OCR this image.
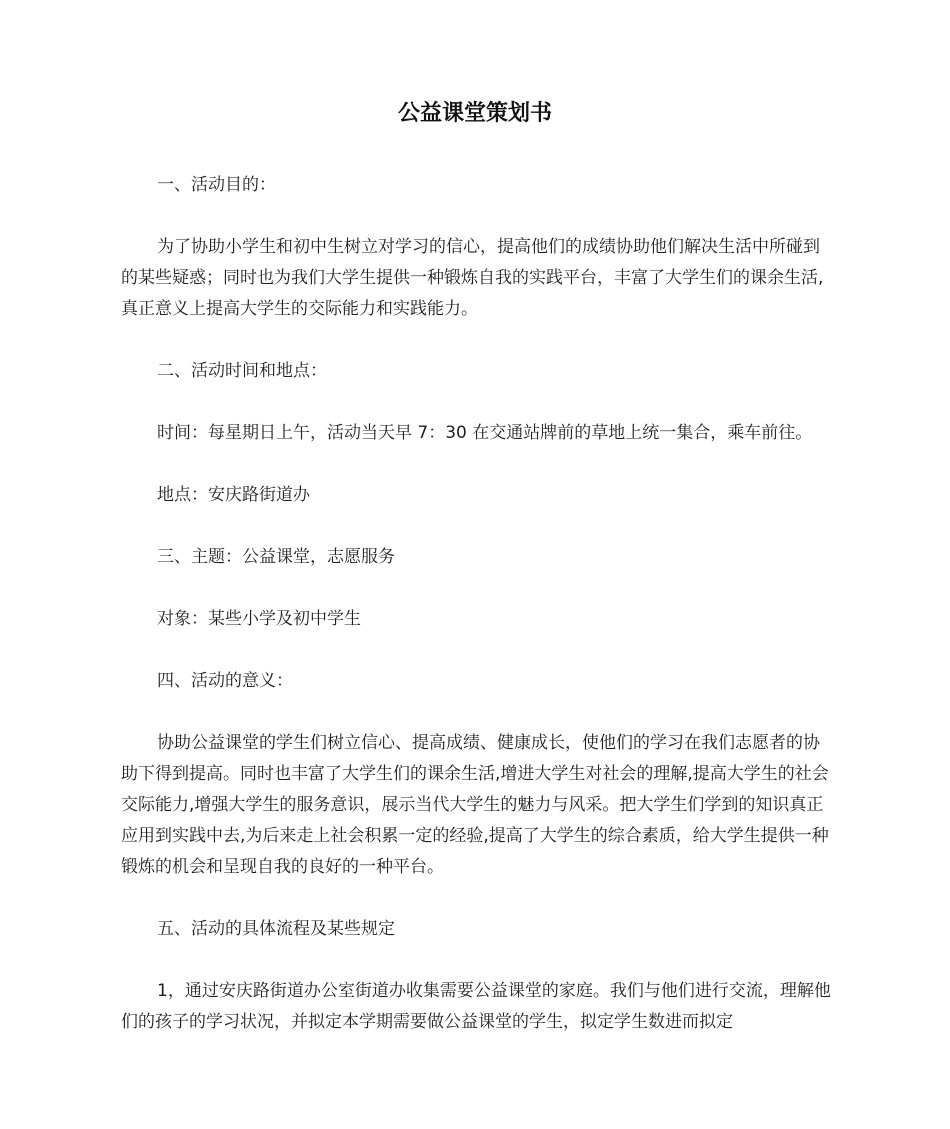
公益课堂策划书

一、活动目的：

为了协助小学生和初中生树立对学习的信心，提高他们的成绩协助他们解决生活中所碰到的某些疑惑；同时也为我们大学生提供一种锻炼自我的实践平台，丰富了大学生们的课余生活,真正意义上提高大学生的交际能力和实践能力。

二、活动时间和地点：

时间：每星期日上午，活动当天早 7：30 在交通站牌前的草地上统一集合，乘车前往。

地点：安庆路街道办

三、主题：公益课堂，志愿服务

对象：某些小学及初中学生

四、活动的意义：

协助公益课堂的学生们树立信心、提高成绩、健康成长，使他们的学习在我们志愿者的协助下得到提高。同时也丰富了大学生们的课余生活,增进大学生对社会的理解,提高大学生的社会交际能力,增强大学生的服务意识，展示当代大学生的魅力与风采。把大学生们学到的知识真正应用到实践中去,为后来走上社会积累一定的经验,提高了大学生的综合素质，给大学生提供一种锻炼的机会和呈现自我的良好的一种平台。

五、活动的具体流程及某些规定

1，通过安庆路街道办公室街道办收集需要公益课堂的家庭。我们与他们进行交流，理解他们的孩子的学习状况，并拟定本学期需要做公益课堂的学生，拟定学生数进而拟定
